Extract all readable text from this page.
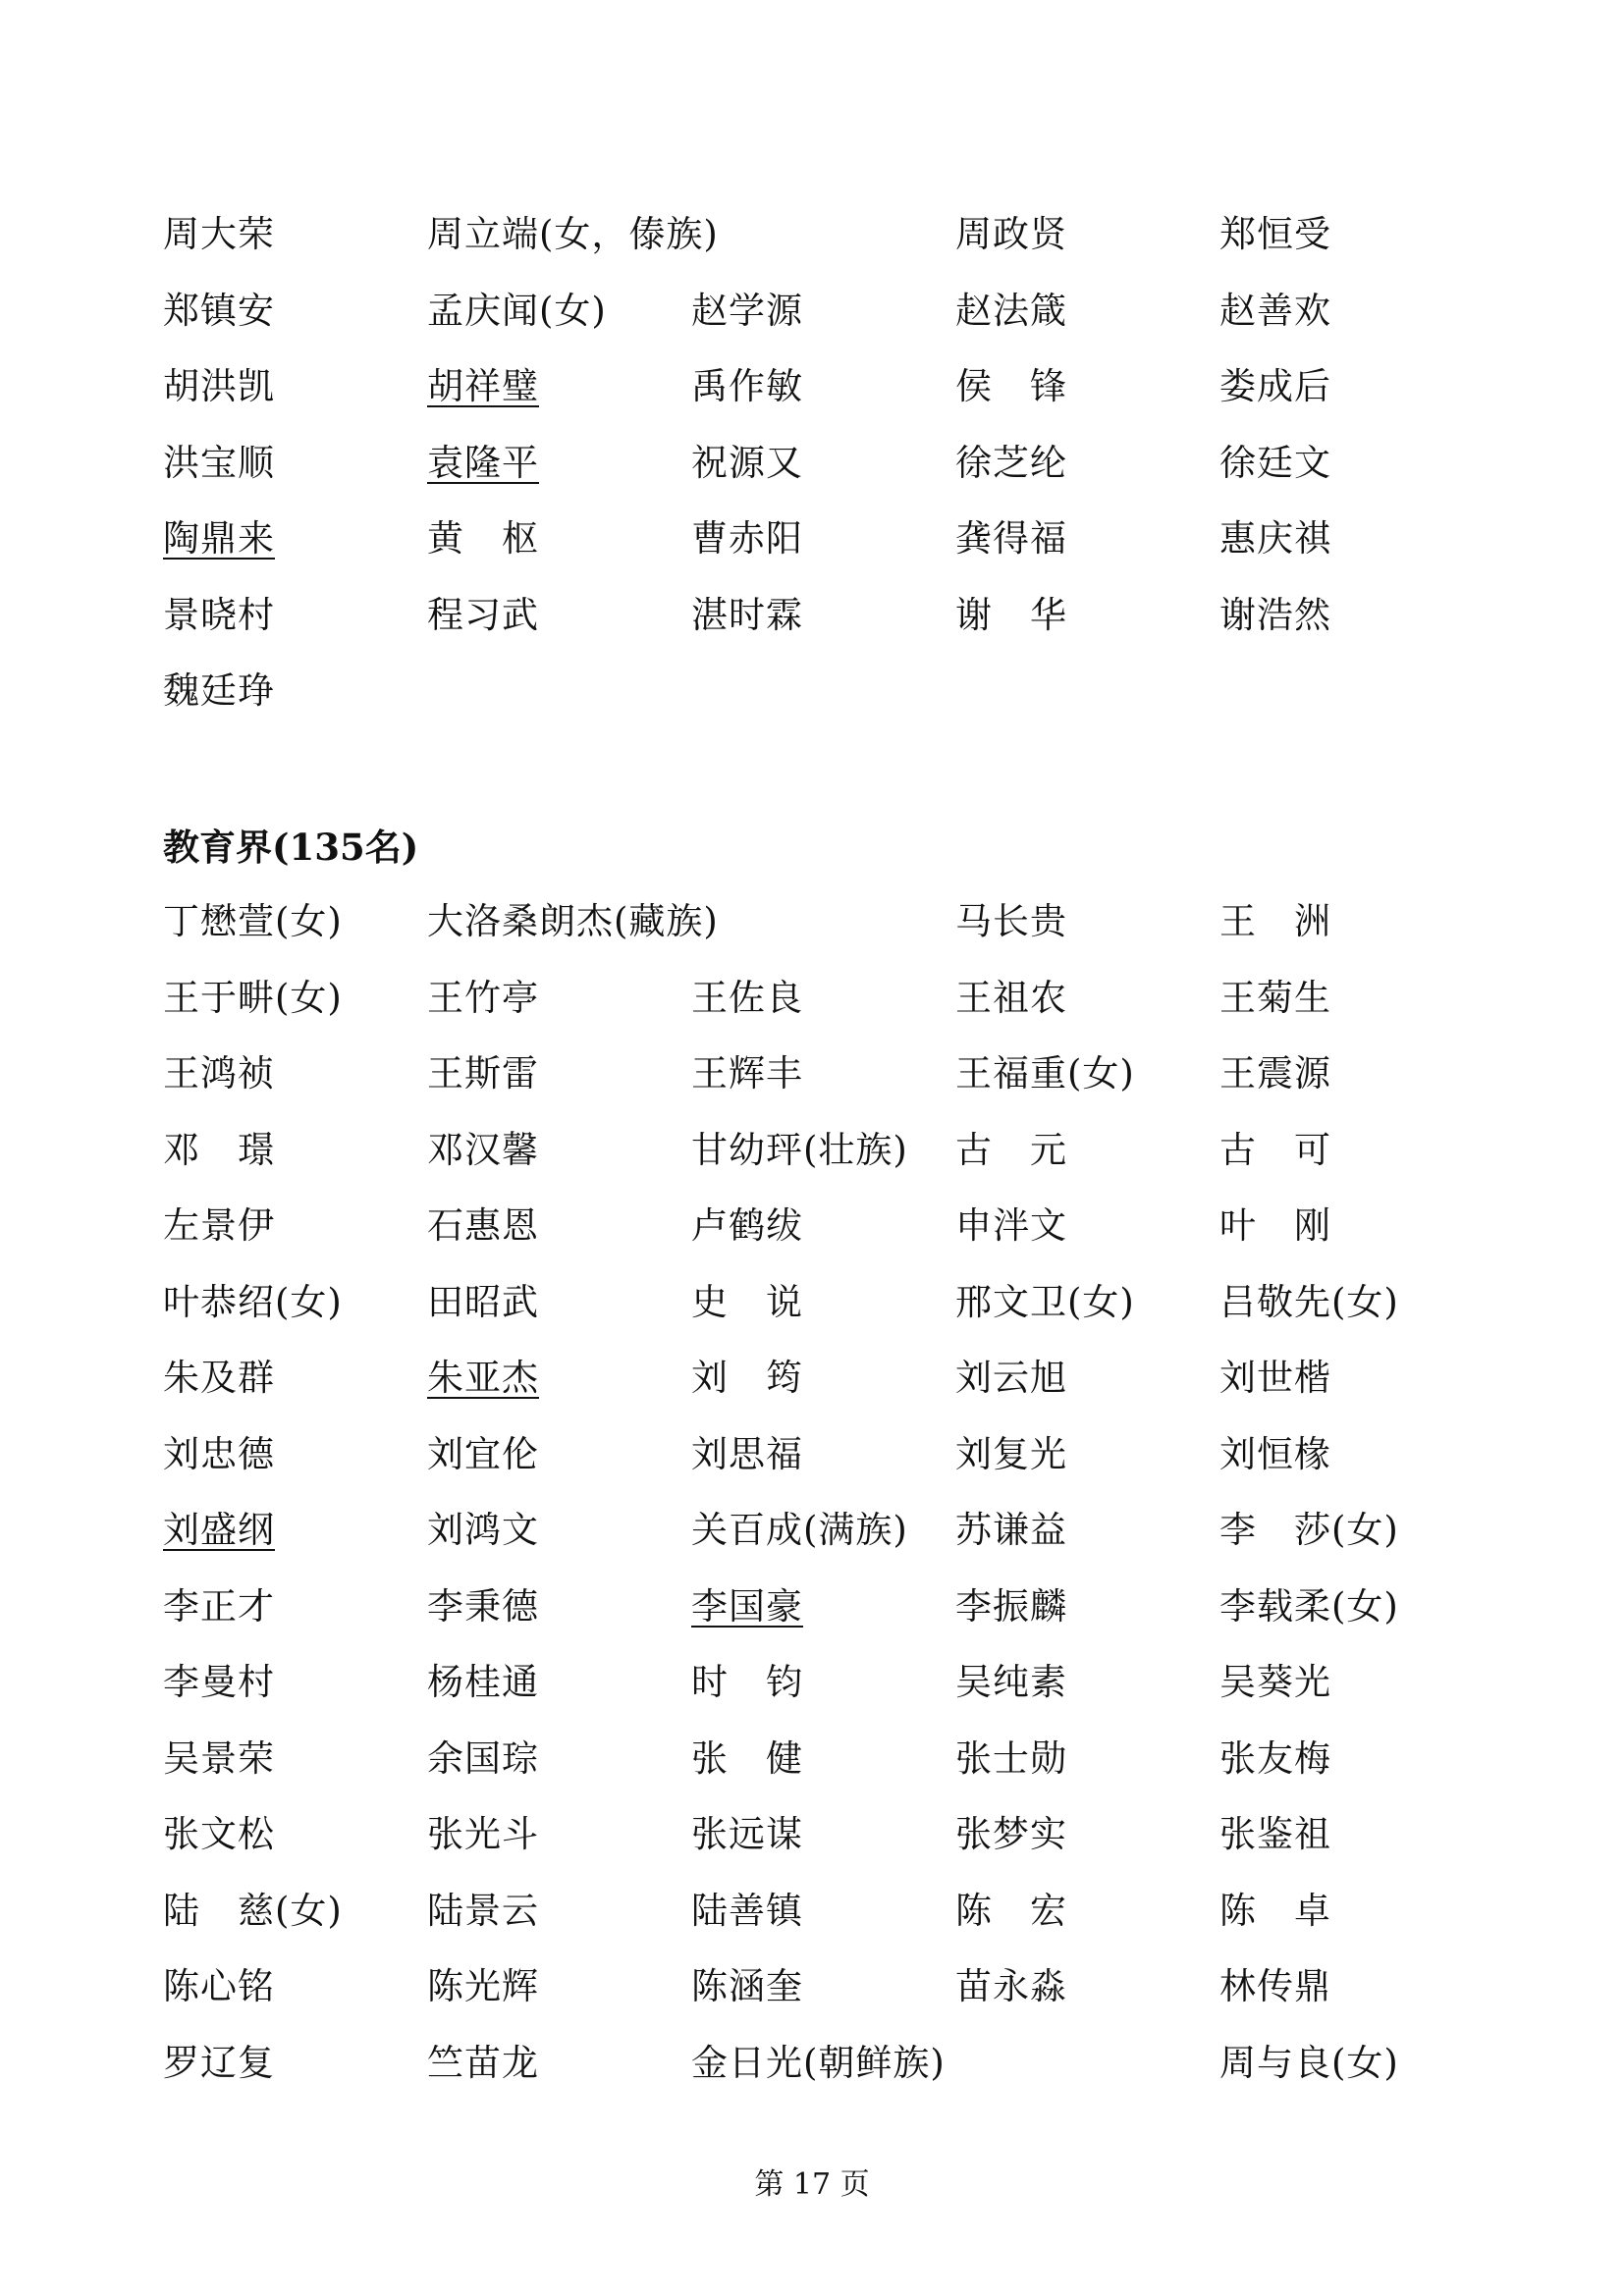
周大荣	周立端(女，傣族)	周政贤	郑恒受
郑镇安	孟庆闻(女) 赵学源	赵法箴	赵善欢
胡洪凯	胡祥璧	禹作敏	侯　锋	娄成后
洪宝顺	袁隆平	祝源又	徐芝纶	徐廷文
陶鼎来	黄　枢	曹赤阳	龚得福	惠庆祺
景晓村	程习武	湛时霖	谢　华	谢浩然
魏廷琤
教育界(135名)
丁懋萱(女) 大洛桑朗杰(藏族)	马长贵	王　洲
王于畊(女) 王竹亭	王佐良	王祖农	王菊生
王鸿祯	王斯雷	王辉丰	王福重(女) 王震源
邓　璟	邓汉馨	甘幼玶(壮族) 古　元	古　可
左景伊	石惠恩	卢鹤绂	申泮文	叶　刚
叶恭绍(女) 田昭武	史　说	邢文卫(女) 吕敬先(女)
朱及群	朱亚杰	刘　筠	刘云旭	刘世楷
刘忠德	刘宜伦	刘思福	刘复光	刘恒椽
刘盛纲	刘鸿文	关百成(满族) 苏谦益	李　莎(女)
李正才	李秉德	李国豪	李振麟	李载柔(女)
李曼村	杨桂通	时　钧	吴纯素	吴葵光
吴景荣	余国琮	张　健	张士勋	张友梅
张文松	张光斗	张远谋	张梦实	张鉴祖
陆　慈(女) 陆景云	陆善镇	陈　宏	陈　卓
陈心铭	陈光辉	陈涵奎	苗永淼	林传鼎
罗辽复	竺苗龙	金日光(朝鲜族)	周与良(女)
第 17 页
